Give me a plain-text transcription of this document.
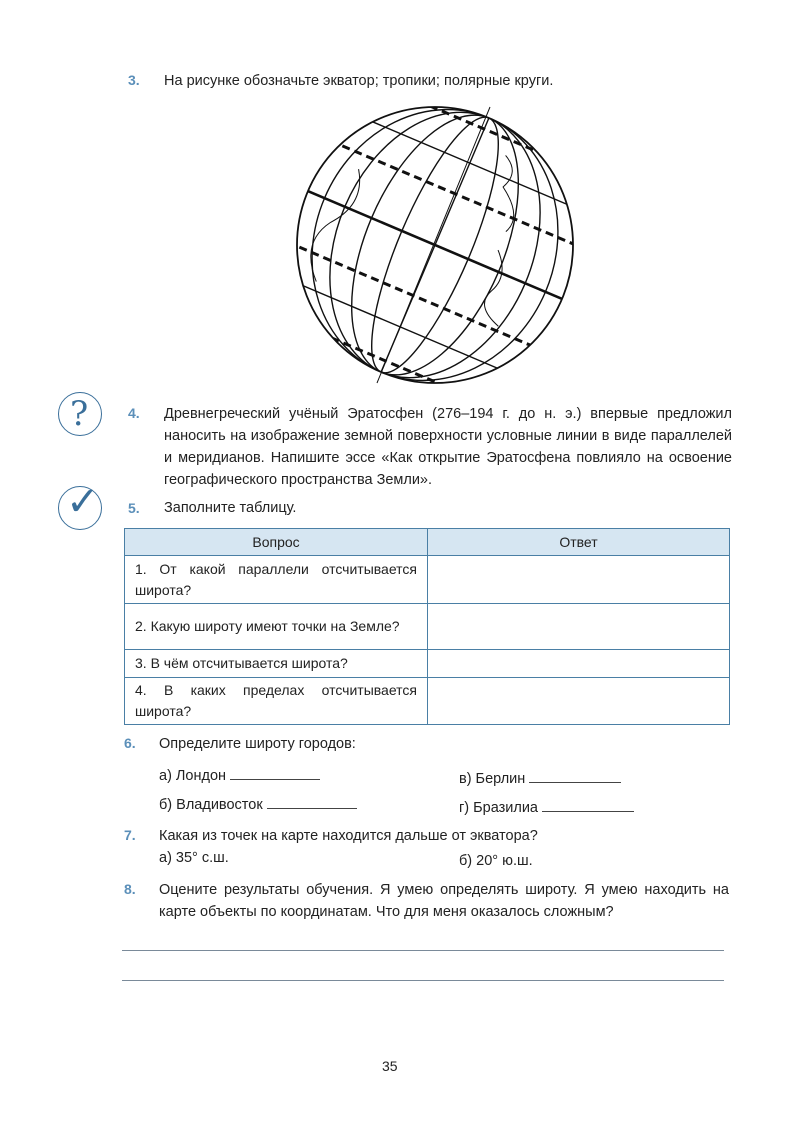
3. На рисунке обозначьте экватор; тропики; полярные круги.
?	4. Древнегреческий учёный Эратосфен (276–194 г. до н. э.) впервые предложил наносить на изображение земной поверхности условные линии в виде параллелей и меридианов. Напишите эссе «Как открытие Эратосфена повлияло на освоение географического пространства Земли».
✓ 5. Заполните таблицу.
Вопрос	Ответ
1. От какой параллели отсчитывается широта?	
2. Какую широту имеют точки на Земле?	
3. В чём отсчитывается широта?	
4. В каких пределах отсчитывается широта?	
6. Определите широту городов:
а) Лондон	в) Берлин
б) Владивосток	г) Бразилиа
7. Какая из точек на карте находится дальше от экватора?
а) 35° с.ш.	б) 20° ю.ш.
8. Оцените результаты обучения. Я умею определять широту. Я умею находить на карте объекты по координатам. Что для меня оказалось сложным?
35
